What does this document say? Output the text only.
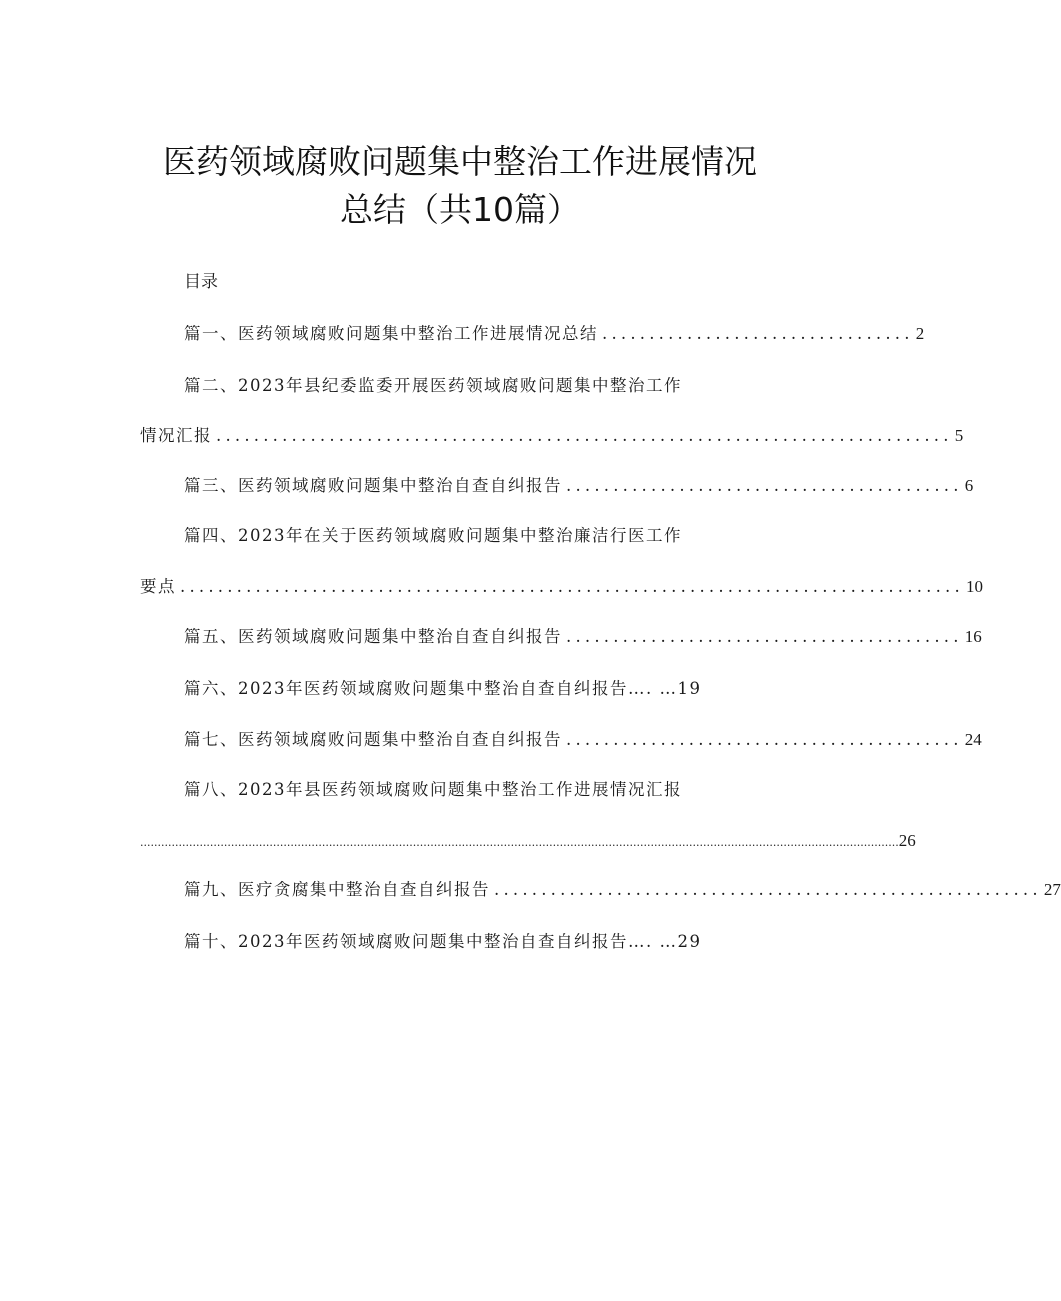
医药领域腐败问题集中整治工作进展情况
总结（共10篇）
目录
篇一、医药领域腐败问题集中整治工作进展情况总结 ................................. 2
篇二、2023年县纪委监委开展医药领域腐败问题集中整治工作
情况汇报 .............................................................................. 5
篇三、医药领域腐败问题集中整治自查自纠报告 .......................................... 6
篇四、2023年在关于医药领域腐败问题集中整治廉洁行医工作
要点 ................................................................................... 10
篇五、医药领域腐败问题集中整治自查自纠报告 .......................................... 16
篇六、2023年医药领域腐败问题集中整治自查自纠报告…. …19
篇七、医药领域腐败问题集中整治自查自纠报告 .......................................... 24
篇八、2023年县医药领域腐败问题集中整治工作进展情况汇报
......................................................................................................................................................................................................................... 26
篇九、医疗贪腐集中整治自查自纠报告 .......................................................... 27
篇十、2023年医药领域腐败问题集中整治自查自纠报告…. …29
